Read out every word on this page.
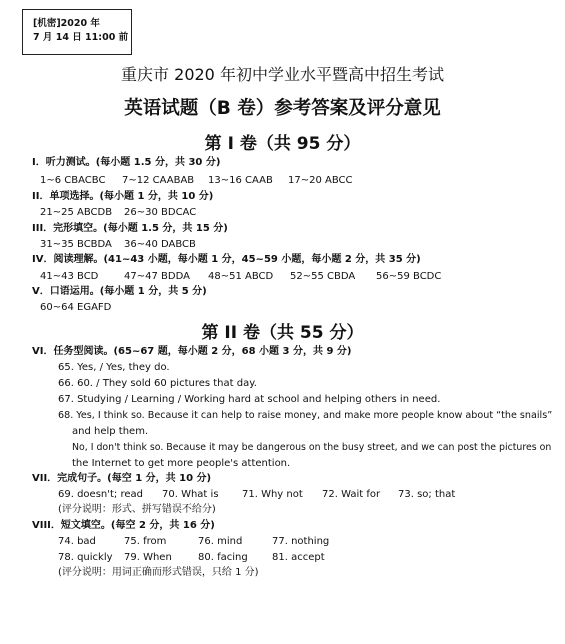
[机密]2020 年
7 月 14 日 11:00 前
重庆市 2020 年初中学业水平暨高中招生考试
英语试题（B 卷）参考答案及评分意见
第 I 卷（共 95 分）
I．听力测试。(每小题 1.5 分，共 30 分)
1~6 CBACBC 7~12 CAABAB 13~16 CAAB 17~20 ABCC
II．单项选择。(每小题 1 分，共 10 分)
21~25 ABCDB 26~30 BDCAC
III．完形填空。(每小题 1.5 分，共 15 分)
31~35 BCBDA 36~40 DABCB
IV．阅读理解。(41~43 小题，每小题 1 分，45~59 小题，每小题 2 分，共 35 分)
41~43 BCD	47~47 BDDA 48~51 ABCD 52~55 CBDA 56~59 BCDC
V．口语运用。(每小题 1 分，共 5 分)
60~64 EGAFD
第 II 卷（共 55 分）
VI．任务型阅读。(65~67 题，每小题 2 分，68 小题 3 分，共 9 分)
65. Yes, / Yes, they do.
66. 60. / They sold 60 pictures that day.
67. Studying / Learning / Working hard at school and helping others in need.
68. Yes, I think so. Because it can help to raise money, and make more people know about “the snails”
and help them.
No, I don't think so. Because it may be dangerous on the busy street, and we can post the pictures on
the Internet to get more people's attention.
VII．完成句子。(每空 1 分，共 10 分)
69. doesn't; read 70. What is 71. Why not 72. Wait for 73. so; that
(评分说明：形式、拼写错误不给分)
VIII．短文填空。(每空 2 分，共 16 分)
74. bad	75. from	76. mind	77. nothing
78. quickly 79. When	80. facing 81. accept
(评分说明：用词正确而形式错误，只给 1 分)
